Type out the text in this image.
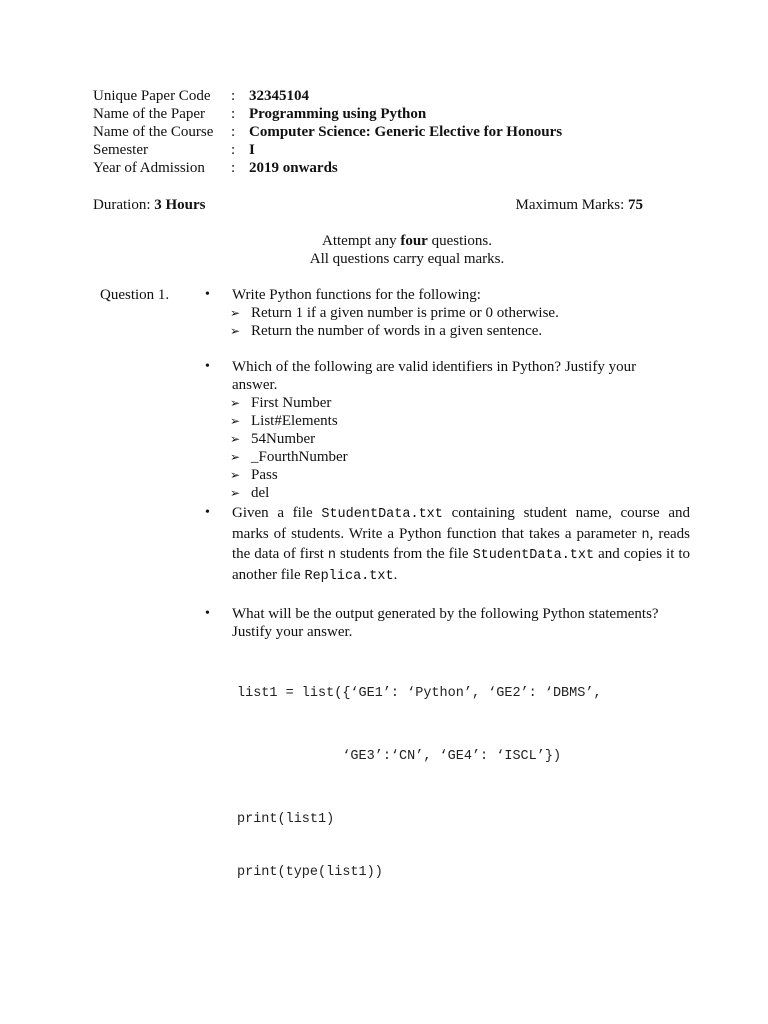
Unique Paper Code	: 32345104
Name of the Paper	: Programming using Python
Name of the Course	: Computer Science: Generic Elective for Honours
Semester	: I
Year of Admission	: 2019 onwards
Duration: 3 Hours	Maximum Marks: 75
Attempt any four questions.
All questions carry equal marks.
Question 1.	• Write Python functions for the following:
➢ Return 1 if a given number is prime or 0 otherwise.
➢ Return the number of words in a given sentence.
• Which of the following are valid identifiers in Python? Justify your answer.
➢ First Number
➢ List#Elements
➢ 54Number
➢ _FourthNumber
➢ Pass
➢ del
• Given a file StudentData.txt containing student name, course and marks of students. Write a Python function that takes a parameter n, reads the data of first n students from the file StudentData.txt and copies it to another file Replica.txt.
• What will be the output generated by the following Python statements? Justify your answer.

list1 = list({‘GE1’: ‘Python’, ‘GE2’: ‘DBMS’,

‘GE3’:‘CN’, ‘GE4’: ‘ISCL’})

print(list1)

print(type(list1))
